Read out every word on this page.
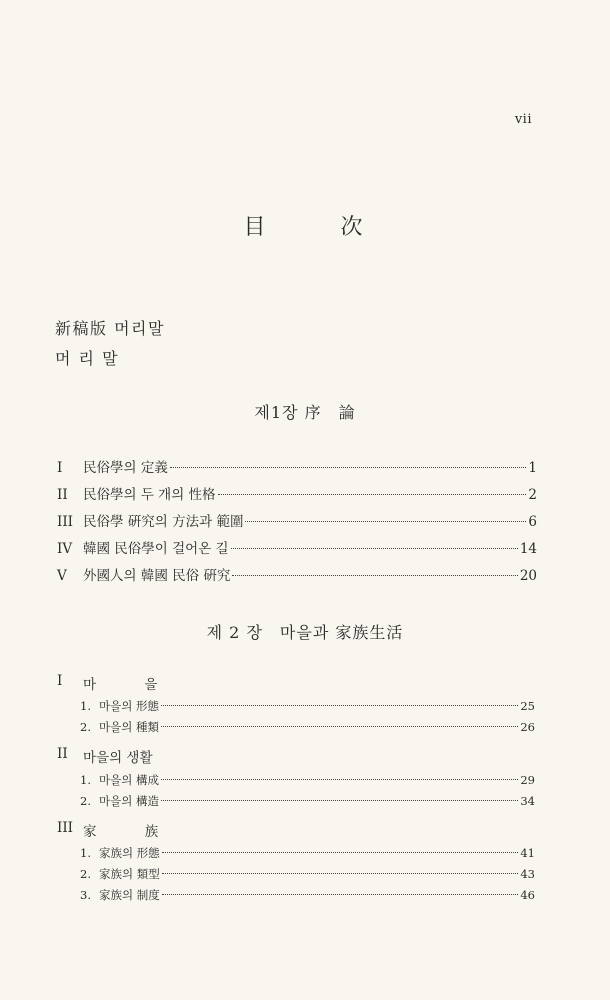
vii
目 次
新稿版 머리말
머 리 말
제1장 序　論
I	民俗學의 定義	1
II	民俗學의 두 개의 性格	2
III 民俗學 硏究의 方法과 範圍	6
IV 韓國 民俗學이 걸어온 길	14
V	外國人의 韓國 民俗 硏究	20
제 2 장　마을과 家族生活
I	마 을
1. 마을의 形態	25
2. 마을의 種類	26
II	마을의 생활
1. 마을의 構成	29
2. 마을의 構造	34
III 家 族
1. 家族의 形態	41
2. 家族의 類型	43
3. 家族의 制度	46
